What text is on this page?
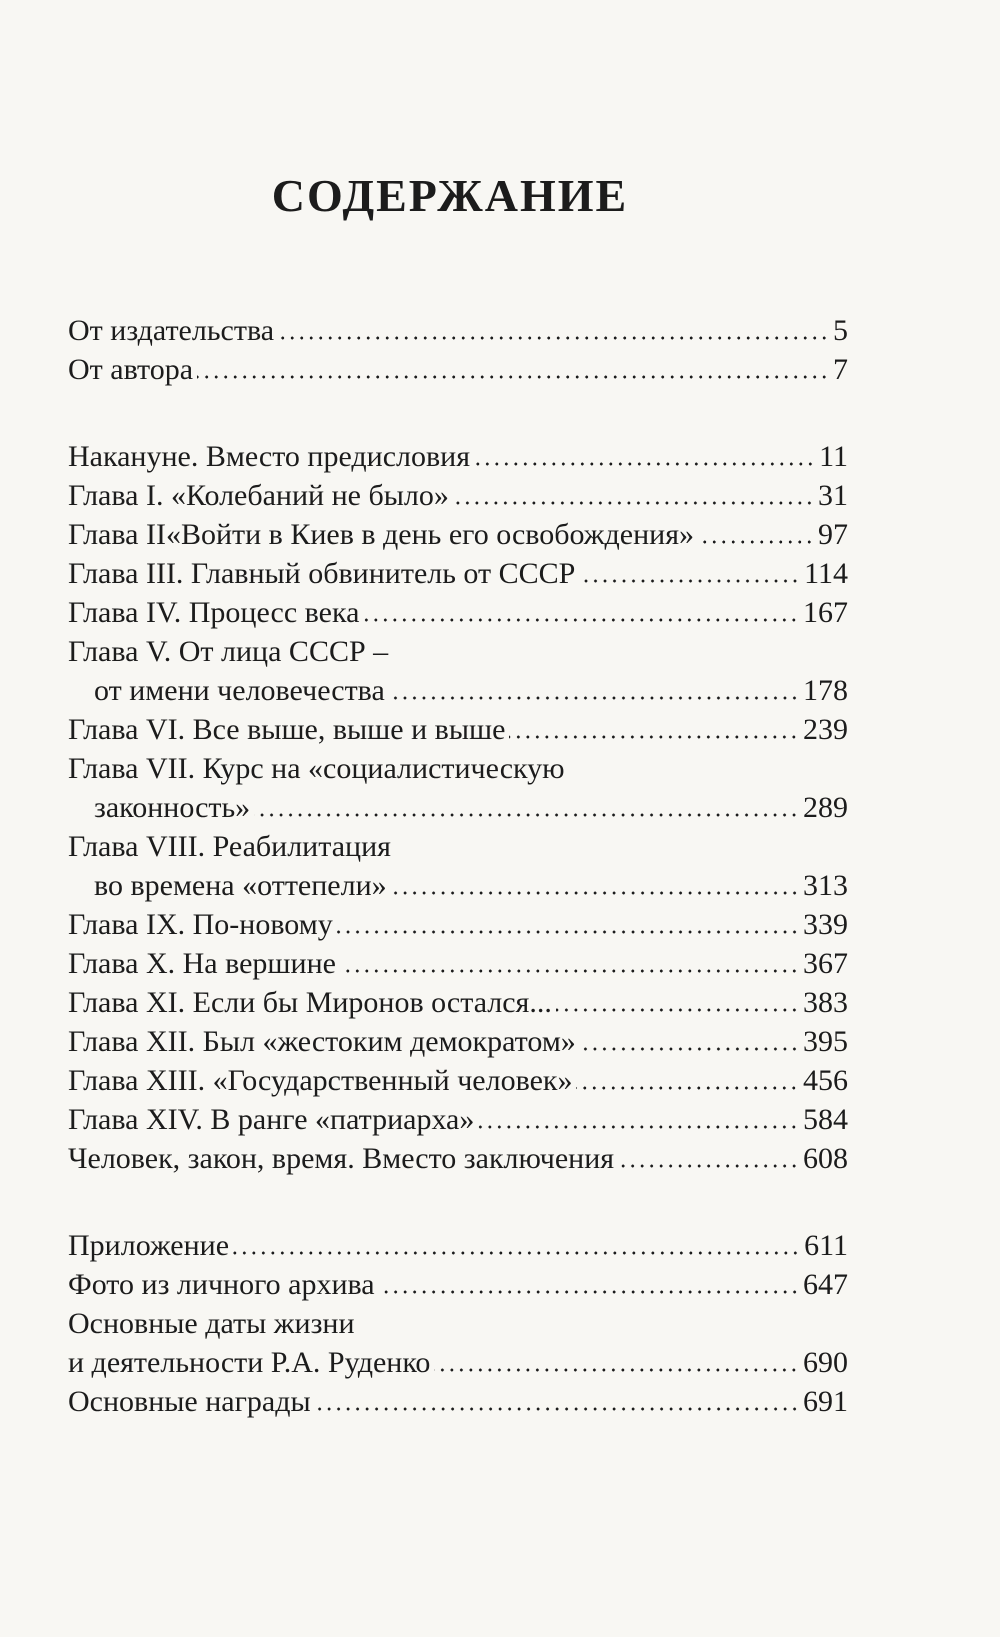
СОДЕРЖАНИЕ
От издательства	5
От автора	7
Накануне. Вместо предисловия	11
Глава I. «Колебаний не было»	31
Глава II«Войти в Киев в день его освобождения»	97
Глава III. Главный обвинитель от СССР	114
Глава IV. Процесс века	167
Глава V. От лица СССР –
от имени человечества	178
Глава VI. Все выше, выше и выше	239
Глава VII. Курс на «социалистическую
законность»	289
Глава VIII. Реабилитация
во времена «оттепели»	313
Глава IX. По-новому	339
Глава X. На вершине	367
Глава XI. Если бы Миронов остался...	383
Глава XII. Был «жестоким демократом»	395
Глава XIII. «Государственный человек»	456
Глава XIV. В ранге «патриарха»	584
Человек, закон, время. Вместо заключения	608
Приложение	611
Фото из личного архива	647
Основные даты жизни
и деятельности Р.А. Руденко	690
Основные награды	691
